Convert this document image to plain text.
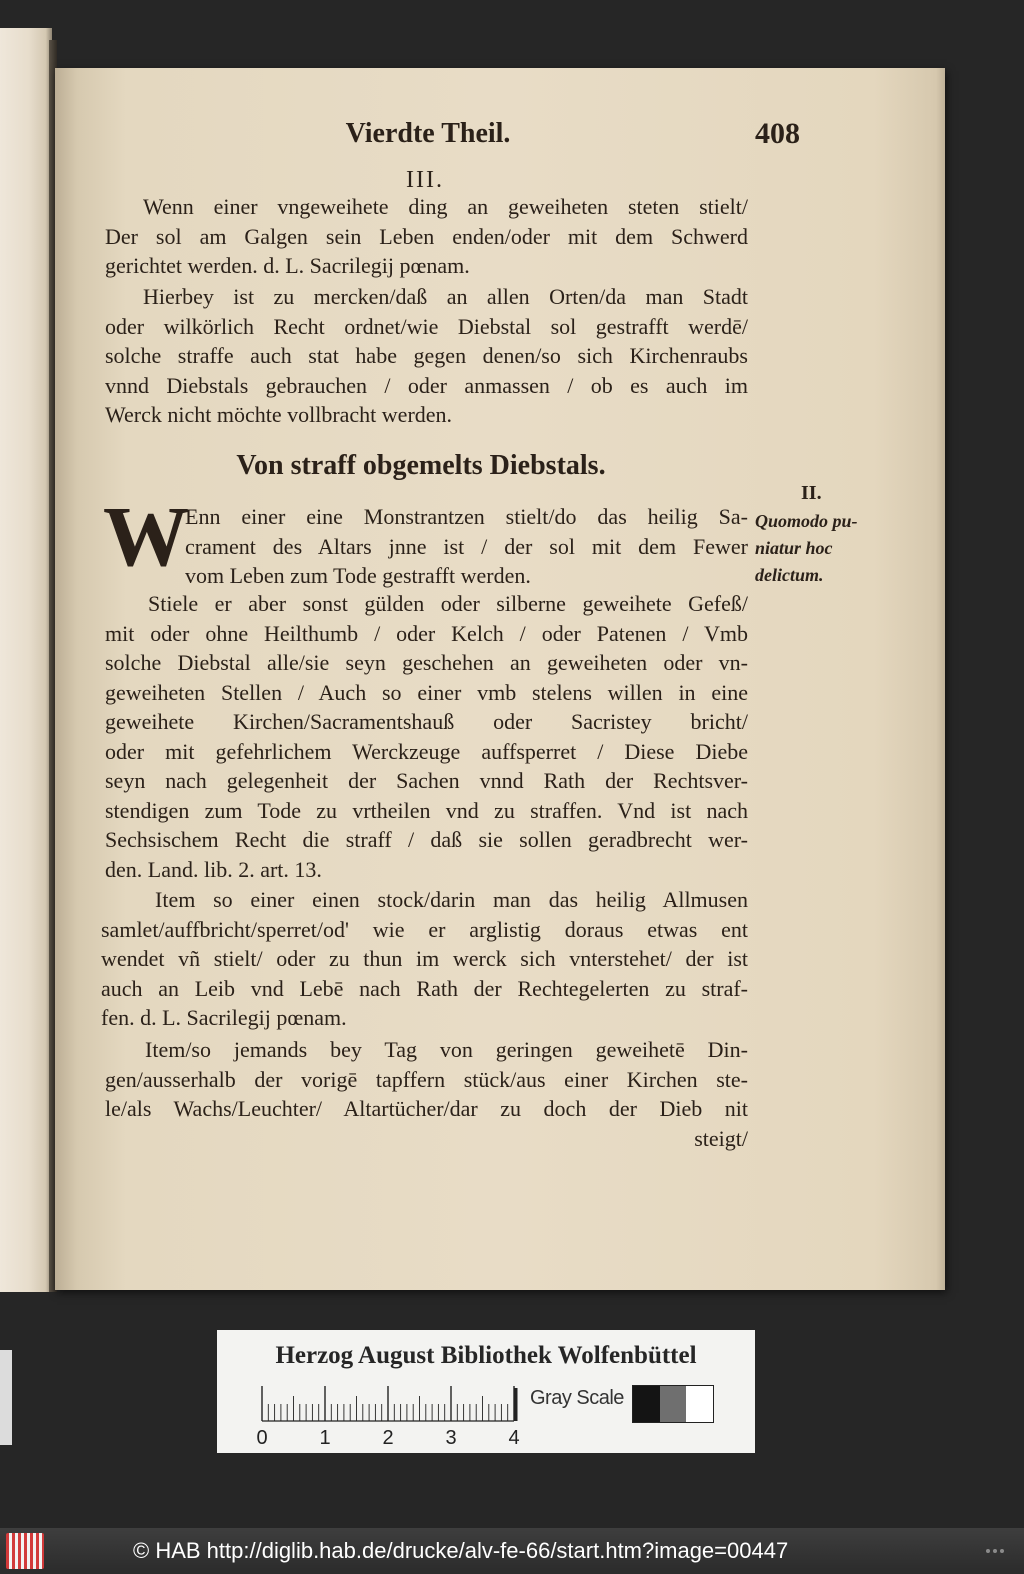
Vierdte Theil.	408
III.
Wenn einer vngeweihete ding an geweiheten steten stielt/
Der sol am Galgen sein Leben enden/oder mit dem Schwerd
gerichtet werden. d. L. Sacrilegij pœnam.
Hierbey ist zu mercken/daß an allen Orten/da man Stadt
oder wilkörlich Recht ordnet/wie Diebstal sol gestrafft werdē/
solche straffe auch stat habe gegen denen/so sich Kirchenraubs
vnnd Diebstals gebrauchen / oder anmassen / ob es auch im
Werck nicht möchte vollbracht werden.
Von straff obgemelts Diebstals.
II.
Quomodo pu-
niatur hoc
delictum.
W
Enn einer eine Monstrantzen stielt/do das heilig Sa-
crament des Altars jnne ist / der sol mit dem Fewer
vom Leben zum Tode gestrafft werden.
Stiele er aber sonst gülden oder silberne geweihete Gefeß/
mit oder ohne Heilthumb / oder Kelch / oder Patenen / Vmb
solche Diebstal alle/sie seyn geschehen an geweiheten oder vn-
geweiheten Stellen / Auch so einer vmb stelens willen in eine
geweihete Kirchen/Sacramentshauß oder Sacristey bricht/
oder mit gefehrlichem Werckzeuge auffsperret / Diese Diebe
seyn nach gelegenheit der Sachen vnnd Rath der Rechtsver-
stendigen zum Tode zu vrtheilen vnd zu straffen. Vnd ist nach
Sechsischem Recht die straff / daß sie sollen geradbrecht wer-
den. Land. lib. 2. art. 13.
Item so einer einen stock/darin man das heilig Allmusen
samlet/auffbricht/sperret/od' wie er arglistig doraus etwas ent
wendet vñ stielt/ oder zu thun im werck sich vnterstehet/ der ist
auch an Leib vnd Lebē nach Rath der Rechtegelerten zu straf-
fen. d. L. Sacrilegij pœnam.
Item/so jemands bey Tag von geringen geweihetē Din-
gen/ausserhalb der vorigē tapffern stück/aus einer Kirchen ste-
le/als Wachs/Leuchter/ Altartücher/dar zu doch der Dieb nit
steigt/
Herzog August Bibliothek Wolfenbüttel
0	1	2	3	4
Gray Scale
© HAB http://diglib.hab.de/drucke/alv-fe-66/start.htm?image=00447
